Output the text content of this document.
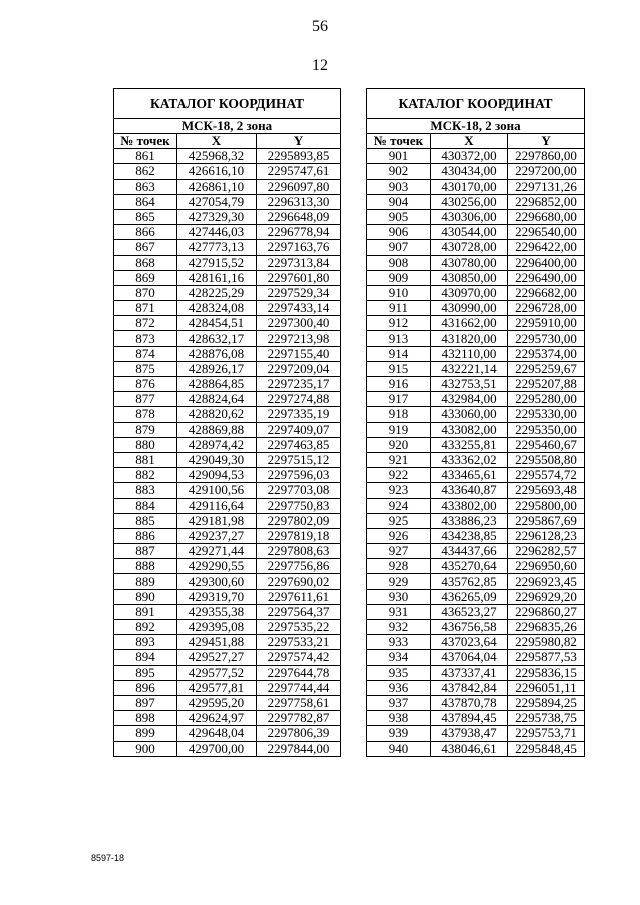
56
12
КАТАЛОГ КООРДИНАТ		
МСК-18, 2 зона		
№ точек	X	Y
861	425968,32	2295893,85
862	426616,10	2295747,61
863	426861,10	2296097,80
864	427054,79	2296313,30
865	427329,30	2296648,09
866	427446,03	2296778,94
867	427773,13	2297163,76
868	427915,52	2297313,84
869	428161,16	2297601,80
870	428225,29	2297529,34
871	428324,08	2297433,14
872	428454,51	2297300,40
873	428632,17	2297213,98
874	428876,08	2297155,40
875	428926,17	2297209,04
876	428864,85	2297235,17
877	428824,64	2297274,88
878	428820,62	2297335,19
879	428869,88	2297409,07
880	428974,42	2297463,85
881	429049,30	2297515,12
882	429094,53	2297596,03
883	429100,56	2297703,08
884	429116,64	2297750,83
885	429181,98	2297802,09
886	429237,27	2297819,18
887	429271,44	2297808,63
888	429290,55	2297756,86
889	429300,60	2297690,02
890	429319,70	2297611,61
891	429355,38	2297564,37
892	429395,08	2297535,22
893	429451,88	2297533,21
894	429527,27	2297574,42
895	429577,52	2297644,78
896	429577,81	2297744,44
897	429595,20	2297758,61
898	429624,97	2297782,87
899	429648,04	2297806,39
900	429700,00	2297844,00
КАТАЛОГ КООРДИНАТ		
МСК-18, 2 зона		
№ точек	X	Y
901	430372,00	2297860,00
902	430434,00	2297200,00
903	430170,00	2297131,26
904	430256,00	2296852,00
905	430306,00	2296680,00
906	430544,00	2296540,00
907	430728,00	2296422,00
908	430780,00	2296400,00
909	430850,00	2296490,00
910	430970,00	2296682,00
911	430990,00	2296728,00
912	431662,00	2295910,00
913	431820,00	2295730,00
914	432110,00	2295374,00
915	432221,14	2295259,67
916	432753,51	2295207,88
917	432984,00	2295280,00
918	433060,00	2295330,00
919	433082,00	2295350,00
920	433255,81	2295460,67
921	433362,02	2295508,80
922	433465,61	2295574,72
923	433640,87	2295693,48
924	433802,00	2295800,00
925	433886,23	2295867,69
926	434238,85	2296128,23
927	434437,66	2296282,57
928	435270,64	2296950,60
929	435762,85	2296923,45
930	436265,09	2296929,20
931	436523,27	2296860,27
932	436756,58	2296835,26
933	437023,64	2295980,82
934	437064,04	2295877,53
935	437337,41	2295836,15
936	437842,84	2296051,11
937	437870,78	2295894,25
938	437894,45	2295738,75
939	437938,47	2295753,71
940	438046,61	2295848,45
8597-18
